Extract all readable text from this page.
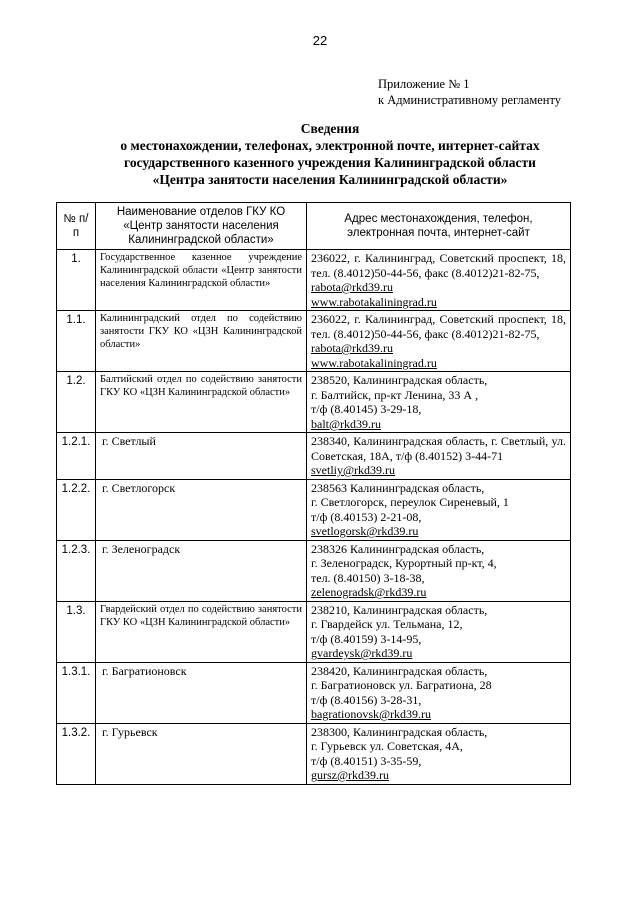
22
Приложение № 1
к Административному регламенту
Сведения
о местонахождении, телефонах, электронной почте, интернет-сайтах
государственного казенного учреждения Калининградской области
«Центра занятости населения Калининградской области»
№ п/п	Наименование отделов ГКУ КО «Центр занятости населения Калининградской области»	Адрес местонахождения, телефон, электронная почта, интернет-сайт
1.	Государственное казенное учреждение Калининградской области «Центр занятости населения Калининградской области»	236022, г. Калининград, Советский проспект, 18, тел. (8.4012)50-44-56, факс (8.4012)21-82-75,
rabota@rkd39.ru
www.rabotakaliningrad.ru

1.1.	Калининградский отдел по содействию занятости ГКУ КО «ЦЗН Калининградской области»	236022, г. Калининград, Советский проспект, 18, тел. (8.4012)50-44-56, факс (8.4012)21-82-75,
rabota@rkd39.ru
www.rabotakaliningrad.ru

1.2.	Балтийский отдел по содействию занятости ГКУ КО «ЦЗН Калининградской области»	238520, Калининградская область,
г. Балтийск, пр-кт Ленина, 33 А ,
т/ф (8.40145) 3-29-18,
balt@rkd39.ru
1.2.1.	г. Светлый	238340, Калининградская область, г. Светлый, ул. Советская, 18А, т/ф (8.40152) 3-44-71
svetliy@rkd39.ru
1.2.2.	г. Светлогорск	238563 Калининградская область,
г. Светлогорск, переулок Сиреневый, 1
т/ф (8.40153) 2-21-08,
svetlogorsk@rkd39.ru
1.2.3.	г. Зеленоградск	238326 Калининградская область,
г. Зеленоградск, Курортный пр-кт, 4,
тел. (8.40150) 3-18-38,
zelenogradsk@rkd39.ru
1.3.	Гвардейский отдел по содействию занятости ГКУ КО «ЦЗН Калининградской области»	238210, Калининградская область,
г. Гвардейск ул. Тельмана, 12,
т/ф (8.40159) 3-14-95,
gvardeysk@rkd39.ru
1.3.1.	г. Багратионовск	238420, Калининградская область,
г. Багратионовск ул. Багратиона, 28
т/ф (8.40156) 3-28-31,
bagrationovsk@rkd39.ru
1.3.2.	г. Гурьевск	238300, Калининградская область,
г. Гурьевск ул. Советская, 4А,
т/ф (8.40151) 3-35-59,
gursz@rkd39.ru
